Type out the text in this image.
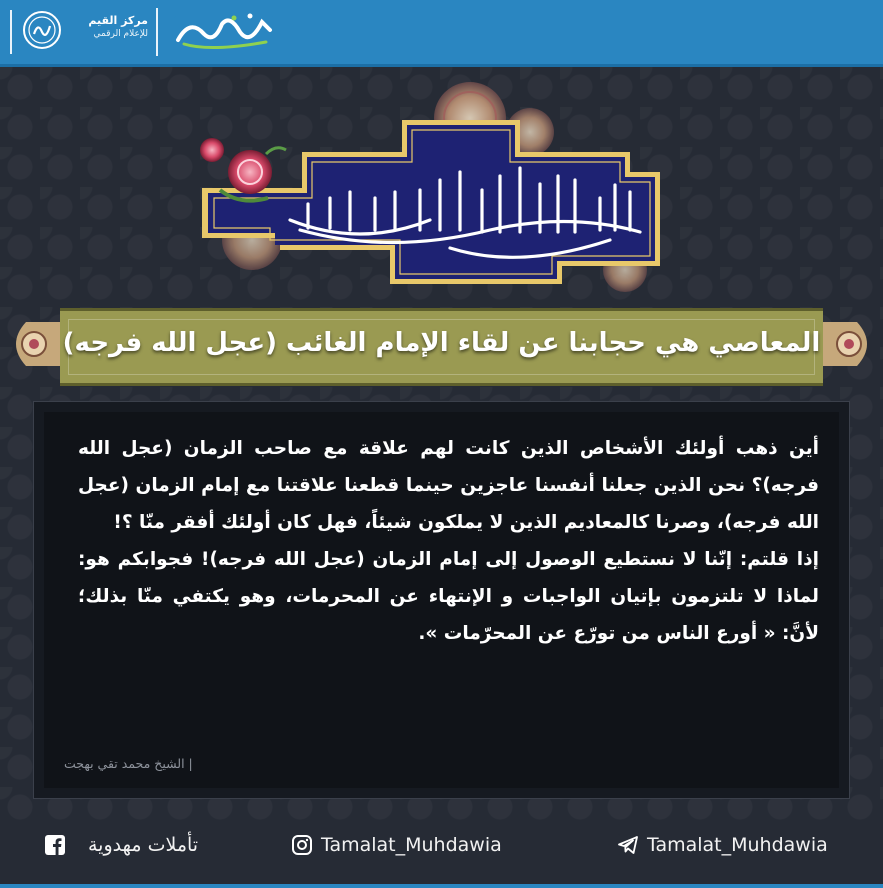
مركز القيم
للإعلام الرقمي
المعاصي هي حجابنا عن لقاء الإمام الغائب (عجل الله فرجه)

أين ذهب أولئك الأشخاص الذين كانت لهم علاقة مع صاحب الزمان (عجل الله فرجه)؟ نحن الذين جعلنا أنفسنا عاجزين حينما قطعنا علاقتنا مع إمام الزمان (عجل الله فرجه)، وصرنا كالمعاديم الذين لا يملكون شيئاً، فهل كان أولئك أفقر منّا ؟!

إذا قلتم: إنّنا لا نستطيع الوصول إلى إمام الزمان (عجل الله فرجه)! فجوابكم هو: لماذا لا تلتزمون بإتيان الواجبات و الإنتهاء عن المحرمات، وهو يكتفي منّا بذلك؛ لأنَّ: « أورع الناس من تورّع عن المحرّمات ».

| الشيخ محمد تقي بهجت
تأملات مهدوية	Tamalat_Muhdawia	Tamalat_Muhdawia
